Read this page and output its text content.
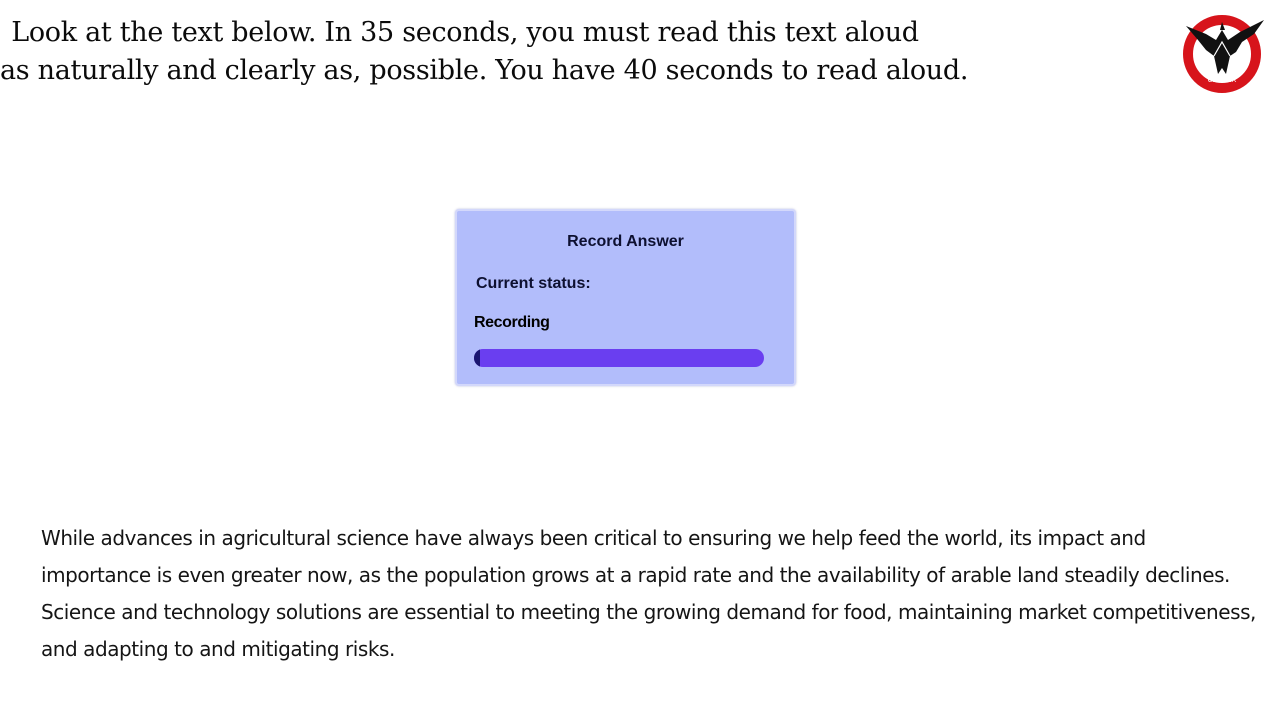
Look at the text below. In 35 seconds, you must read this text aloud
as naturally and clearly as, possible. You have 40 seconds to read aloud.	CENTER
Record Answer
Current status:
Recording
While advances in agricultural science have always been critical to ensuring we help feed the world, its impact and importance is even greater now, as the population grows at a rapid rate and the availability of arable land steadily declines. Science and technology solutions are essential to meeting the growing demand for food, maintaining market competitiveness, and adapting to and mitigating risks.
